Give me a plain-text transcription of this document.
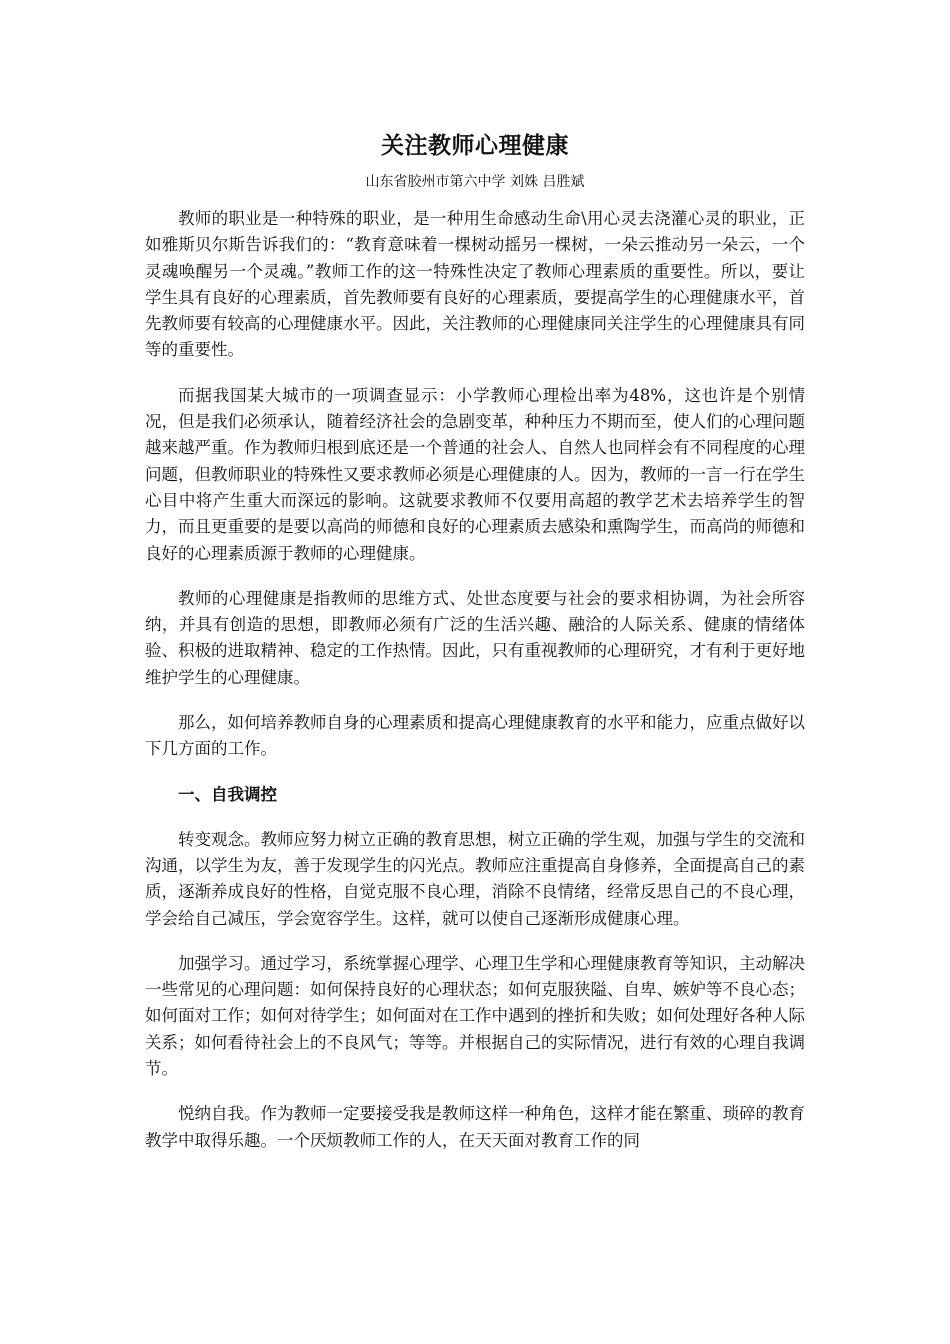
关注教师心理健康
山东省胶州市第六中学 刘姝 吕胜斌

教师的职业是一种特殊的职业，是一种用生命感动生命\用心灵去浇灌心灵的职业，正如雅斯贝尔斯告诉我们的：“教育意味着一棵树动摇另一棵树，一朵云推动另一朵云，一个灵魂唤醒另一个灵魂。”教师工作的这一特殊性决定了教师心理素质的重要性。所以，要让学生具有良好的心理素质，首先教师要有良好的心理素质，要提高学生的心理健康水平，首先教师要有较高的心理健康水平。因此，关注教师的心理健康同关注学生的心理健康具有同等的重要性。

而据我国某大城市的一项调查显示：小学教师心理检出率为48%，这也许是个别情况，但是我们必须承认，随着经济社会的急剧变革，种种压力不期而至，使人们的心理问题越来越严重。作为教师归根到底还是一个普通的社会人、自然人也同样会有不同程度的心理问题，但教师职业的特殊性又要求教师必须是心理健康的人。因为，教师的一言一行在学生心目中将产生重大而深远的影响。这就要求教师不仅要用高超的教学艺术去培养学生的智力，而且更重要的是要以高尚的师德和良好的心理素质去感染和熏陶学生，而高尚的师德和良好的心理素质源于教师的心理健康。

教师的心理健康是指教师的思维方式、处世态度要与社会的要求相协调，为社会所容纳，并具有创造的思想，即教师必须有广泛的生活兴趣、融洽的人际关系、健康的情绪体验、积极的进取精神、稳定的工作热情。因此，只有重视教师的心理研究，才有利于更好地维护学生的心理健康。

那么，如何培养教师自身的心理素质和提高心理健康教育的水平和能力，应重点做好以下几方面的工作。

一、自我调控

转变观念。教师应努力树立正确的教育思想，树立正确的学生观，加强与学生的交流和沟通，以学生为友，善于发现学生的闪光点。教师应注重提高自身修养，全面提高自己的素质，逐渐养成良好的性格，自觉克服不良心理，消除不良情绪，经常反思自己的不良心理，学会给自己减压，学会宽容学生。这样，就可以使自己逐渐形成健康心理。

加强学习。通过学习，系统掌握心理学、心理卫生学和心理健康教育等知识，主动解决一些常见的心理问题：如何保持良好的心理状态；如何克服狭隘、自卑、嫉妒等不良心态；如何面对工作；如何对待学生；如何面对在工作中遇到的挫折和失败；如何处理好各种人际关系；如何看待社会上的不良风气；等等。并根据自己的实际情况，进行有效的心理自我调节。

悦纳自我。作为教师一定要接受我是教师这样一种角色，这样才能在繁重、琐碎的教育教学中取得乐趣。一个厌烦教师工作的人，在天天面对教育工作的同
